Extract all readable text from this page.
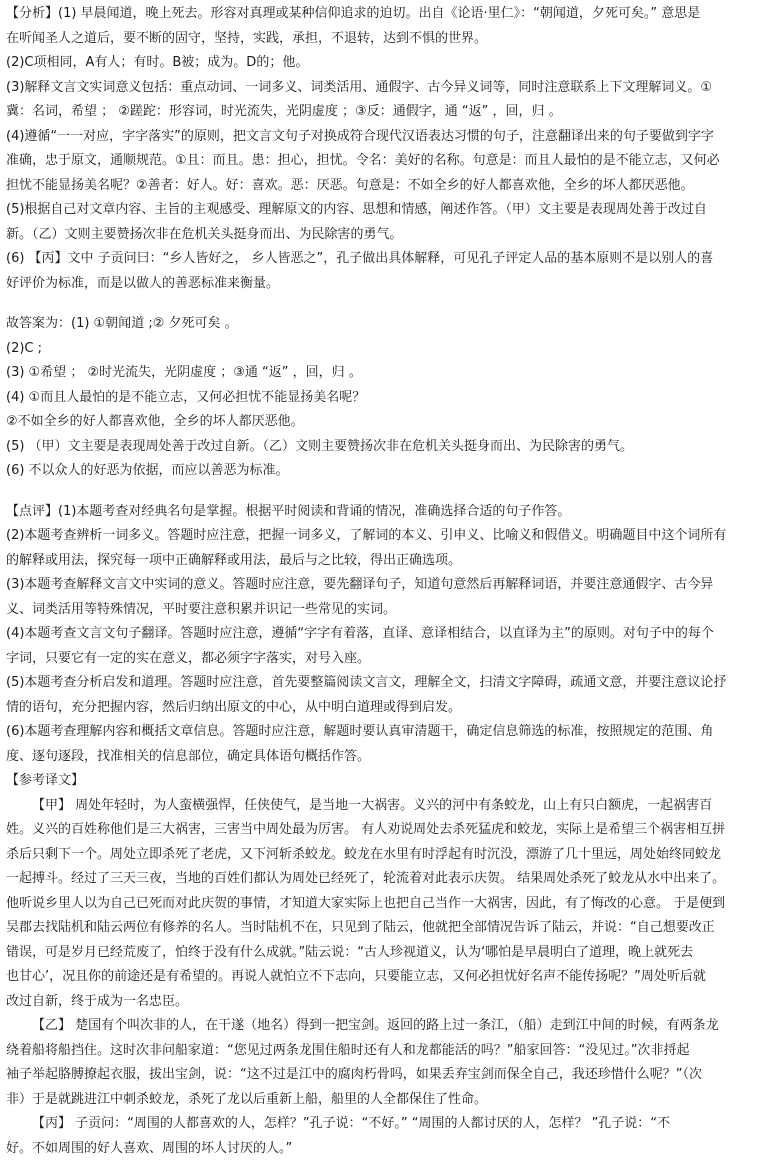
【分析】(1) 早晨闻道，晚上死去。形容对真理或某种信仰追求的迫切。出自《论语·里仁》：“朝闻道，夕死可矣。” 意思是

在听闻圣人之道后，要不断的固守，坚持，实践，承担，不退转，达到不惧的世界。

(2)C项相同，A有人；有时。B被；成为。D的；他。

(3)解释文言文实词意义包括：重点动词、一词多义、词类活用、通假字、古今异义词等，同时注意联系上下文理解词义。①

冀：名词，希望 ； ②蹉跎：形容词，时光流失，光阴虚度 ；③反：通假字，通 “返” ，回，归 。

(4)遵循“一一对应，字字落实”的原则，把文言文句子对换成符合现代汉语表达习惯的句子，注意翻译出来的句子要做到字字

准确，忠于原文，通顺规范。①且：而且。患：担心，担忧。令名：美好的名称。句意是：而且人最怕的是不能立志，又何必

担忧不能显扬美名呢？②善者：好人。好：喜欢。恶：厌恶。句意是：不如全乡的好人都喜欢他，全乡的坏人都厌恶他。

(5)根据自己对文章内容、主旨的主观感受、理解原文的内容、思想和情感，阐述作答。（甲）文主要是表现周处善于改过自

新。（乙）文则主要赞扬次非在危机关头挺身而出、为民除害的勇气。

(6) 【丙】文中 子贡问曰：“乡人皆好之， 乡人皆恶之”，孔子做出具体解释，可见孔子评定人品的基本原则不是以别人的喜

好评价为标准，而是以做人的善恶标准来衡量。

故答案为：(1) ①朝闻道 ;② 夕死可矣 。

(2)C ;

(3) ①希望 ； ②时光流失，光阴虚度 ；③通 “返” ，回，归 。

(4) ①而且人最怕的是不能立志，又何必担忧不能显扬美名呢？

②不如全乡的好人都喜欢他，全乡的坏人都厌恶他。

(5) （甲）文主要是表现周处善于改过自新。（乙）文则主要赞扬次非在危机关头挺身而出、为民除害的勇气。

(6) 不以众人的好恶为依据，而应以善恶为标准。

【点评】(1)本题考查对经典名句是掌握。根据平时阅读和背诵的情况，准确选择合适的句子作答。

(2)本题考查辨析一词多义。答题时应注意，把握一词多义，了解词的本义、引申义、比喻义和假借义。明确题目中这个词所有

的解释或用法，探究每一项中正确解释或用法，最后与之比较，得出正确选项。

(3)本题考查解释文言文中实词的意义。答题时应注意，要先翻译句子，知道句意然后再解释词语，并要注意通假字、古今异

义、词类活用等特殊情况，平时要注意积累并识记一些常见的实词。

(4)本题考查文言文句子翻译。答题时应注意，遵循“字字有着落，直译、意译相结合，以直译为主”的原则。对句子中的每个

字词，只要它有一定的实在意义，都必须字字落实，对号入座。

(5)本题考查分析启发和道理。答题时应注意，首先要整篇阅读文言文，理解全文，扫清文字障碍，疏通文意，并要注意议论抒

情的语句，充分把握内容，然后归纳出原文的中心，从中明白道理或得到启发。

(6)本题考查理解内容和概括文章信息。答题时应注意，解题时要认真审清题干，确定信息筛选的标准，按照规定的范围、角

度、逐句逐段，找准相关的信息部位，确定具体语句概括作答。

【参考译文】

【甲】 周处年轻时，为人蛮横强悍，任侠使气，是当地一大祸害。义兴的河中有条蛟龙，山上有只白额虎，一起祸害百

姓。义兴的百姓称他们是三大祸害，三害当中周处最为厉害。 有人劝说周处去杀死猛虎和蛟龙，实际上是希望三个祸害相互拼

杀后只剩下一个。周处立即杀死了老虎，又下河斩杀蛟龙。蛟龙在水里有时浮起有时沉没，漂游了几十里远，周处始终同蛟龙

一起搏斗。经过了三天三夜，当地的百姓们都认为周处已经死了，轮流着对此表示庆贺。 结果周处杀死了蛟龙从水中出来了。

他听说乡里人以为自己已死而对此庆贺的事情，才知道大家实际上也把自己当作一大祸害，因此，有了悔改的心意。 于是便到

吴郡去找陆机和陆云两位有修养的名人。当时陆机不在，只见到了陆云，他就把全部情况告诉了陆云，并说：“自己想要改正

错误，可是岁月已经荒废了，怕终于没有什么成就。”陆云说：“古人珍视道义，认为‘哪怕是早晨明白了道理，晚上就死去

也甘心’，况且你的前途还是有希望的。再说人就怕立不下志向，只要能立志，又何必担忧好名声不能传扬呢？”周处听后就

改过自新，终于成为一名忠臣。

【乙】 楚国有个叫次非的人，在干遂（地名）得到一把宝剑。返回的路上过一条江，（船）走到江中间的时候，有两条龙

绕着船将船挡住。这时次非问船家道：“您见过两条龙围住船时还有人和龙都能活的吗？”船家回答：“没见过。”次非捋起

袖子举起胳膊撩起衣服，拔出宝剑，说：“这不过是江中的腐肉朽骨吗，如果丢弃宝剑而保全自己，我还珍惜什么呢？”（次

非）于是就跳进江中刺杀蛟龙，杀死了龙以后重新上船，船里的人全都保住了性命。

【丙】 子贡问：“周围的人都喜欢的人，怎样？”孔子说：“不好。” “周围的人都讨厌的人，怎样？ ”孔子说：“不

好。不如周围的好人喜欢、周围的坏人讨厌的人。”
